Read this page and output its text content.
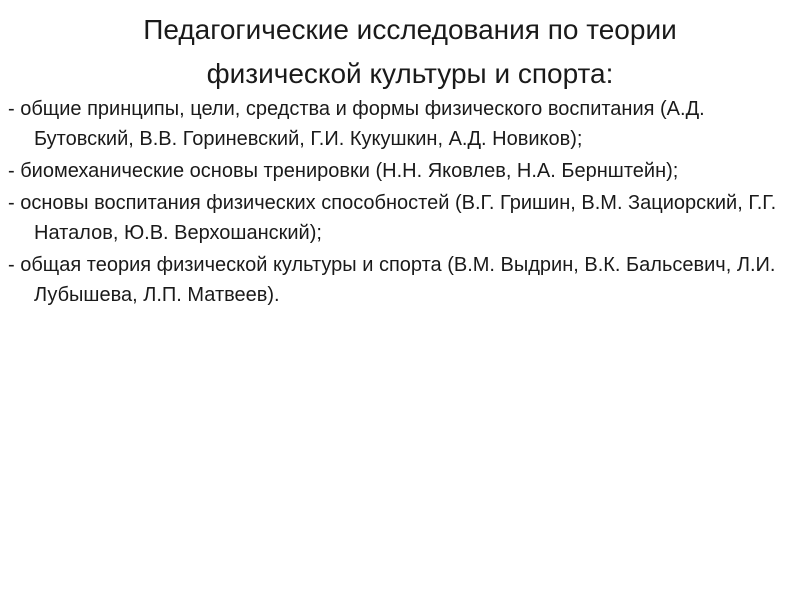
Педагогические исследования по теории
физической культуры и спорта:
- общие принципы, цели, средства и формы физического воспитания (А.Д. Бутовский, В.В. Гориневский, Г.И. Кукушкин, А.Д. Новиков);
- биомеханические основы тренировки (Н.Н. Яковлев, Н.А. Бернштейн);
- основы воспитания физических способностей (В.Г. Гришин, В.М. Зациорский, Г.Г. Наталов, Ю.В. Верхошанский);
- общая теория физической культуры и спорта (В.М. Выдрин, В.К. Бальсевич, Л.И. Лубышева, Л.П. Матвеев).
